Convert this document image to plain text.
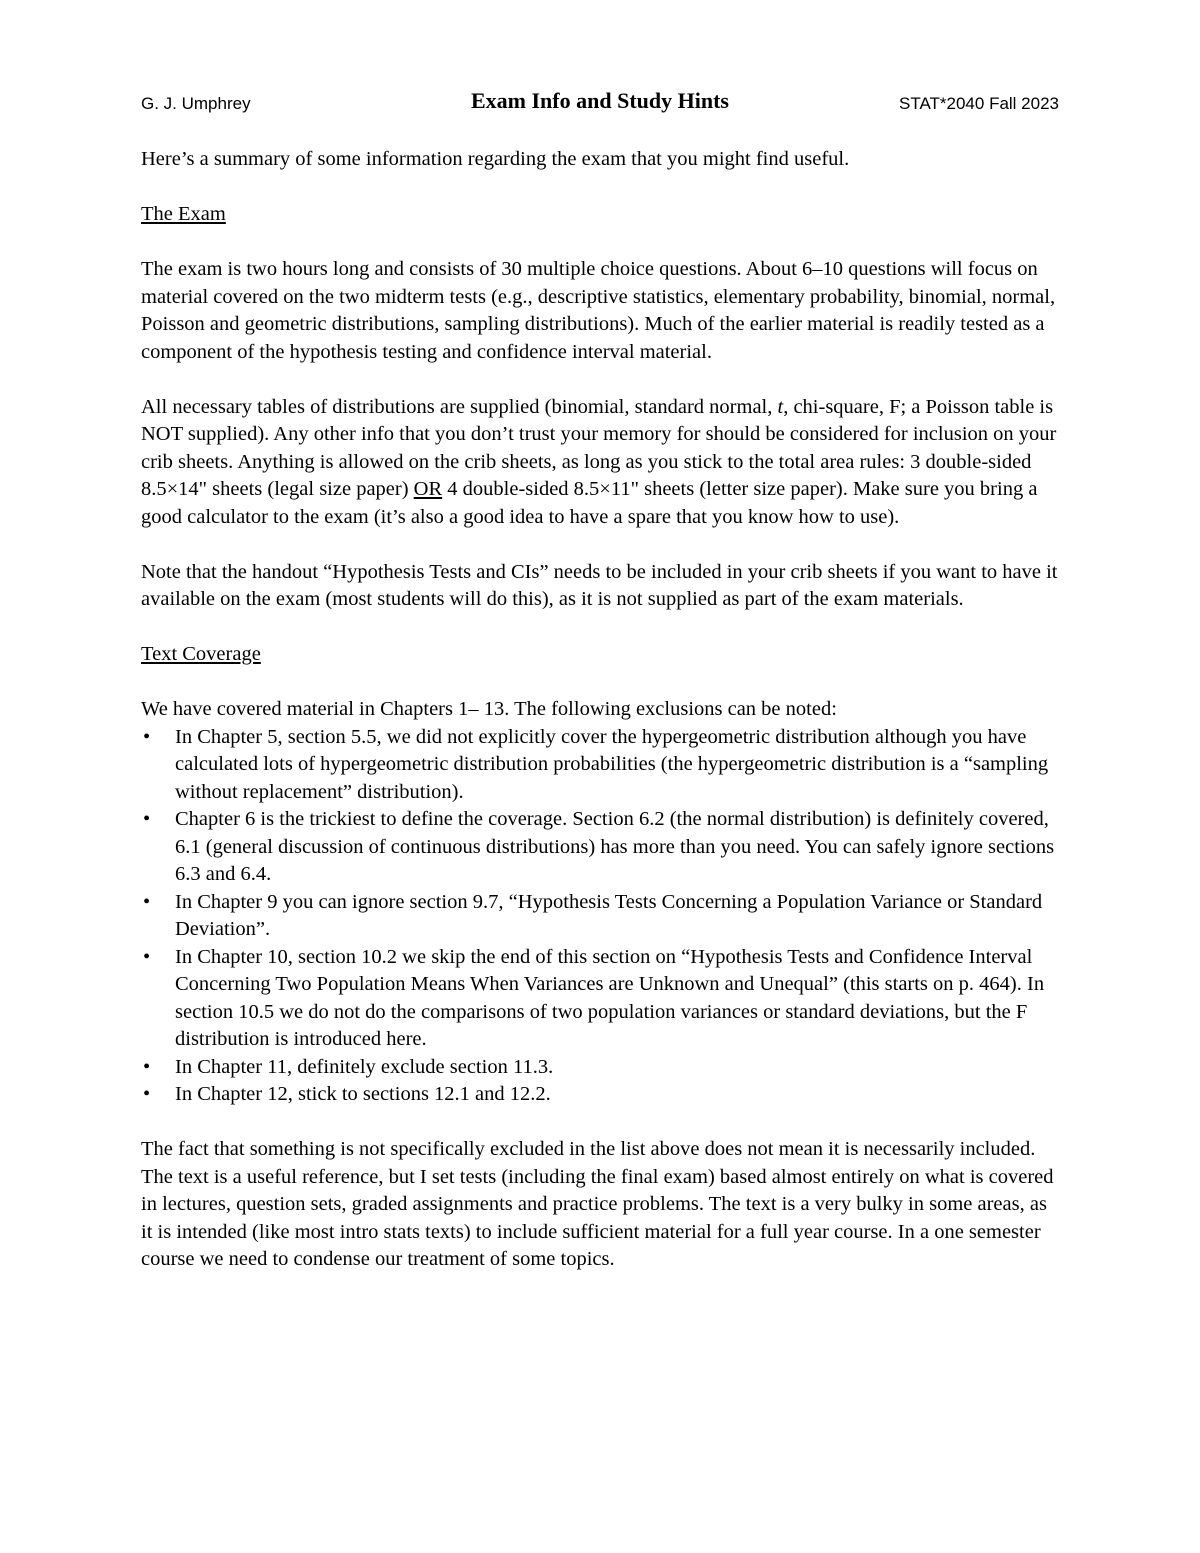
G. J. Umphrey	Exam Info and Study Hints	STAT*2040 Fall 2023

Here’s a summary of some information regarding the exam that you might find useful.

The Exam

The exam is two hours long and consists of 30 multiple choice questions. About 6–10 questions will focus on material covered on the two midterm tests (e.g., descriptive statistics, elementary probability, binomial, normal, Poisson and geometric distributions, sampling distributions). Much of the earlier material is readily tested as a component of the hypothesis testing and confidence interval material.

All necessary tables of distributions are supplied (binomial, standard normal, t, chi-square, F; a Poisson table is NOT supplied). Any other info that you don’t trust your memory for should be considered for inclusion on your crib sheets. Anything is allowed on the crib sheets, as long as you stick to the total area rules: 3 double-sided 8.5×14" sheets (legal size paper) OR 4 double-sided 8.5×11" sheets (letter size paper). Make sure you bring a good calculator to the exam (it’s also a good idea to have a spare that you know how to use).

Note that the handout “Hypothesis Tests and CIs” needs to be included in your crib sheets if you want to have it available on the exam (most students will do this), as it is not supplied as part of the exam materials.

Text Coverage

We have covered material in Chapters 1– 13. The following exclusions can be noted:

• In Chapter 5, section 5.5, we did not explicitly cover the hypergeometric distribution although you have calculated lots of hypergeometric distribution probabilities (the hypergeometric distribution is a “sampling without replacement” distribution).
• Chapter 6 is the trickiest to define the coverage. Section 6.2 (the normal distribution) is definitely covered, 6.1 (general discussion of continuous distributions) has more than you need. You can safely ignore sections 6.3 and 6.4.
• In Chapter 9 you can ignore section 9.7, “Hypothesis Tests Concerning a Population Variance or Standard Deviation”.
• In Chapter 10, section 10.2 we skip the end of this section on “Hypothesis Tests and Confidence Interval Concerning Two Population Means When Variances are Unknown and Unequal” (this starts on p. 464). In section 10.5 we do not do the comparisons of two population variances or standard deviations, but the F distribution is introduced here.
• In Chapter 11, definitely exclude section 11.3.
• In Chapter 12, stick to sections 12.1 and 12.2.

The fact that something is not specifically excluded in the list above does not mean it is necessarily included. The text is a useful reference, but I set tests (including the final exam) based almost entirely on what is covered in lectures, question sets, graded assignments and practice problems. The text is a very bulky in some areas, as it is intended (like most intro stats texts) to include sufficient material for a full year course. In a one semester course we need to condense our treatment of some topics.
